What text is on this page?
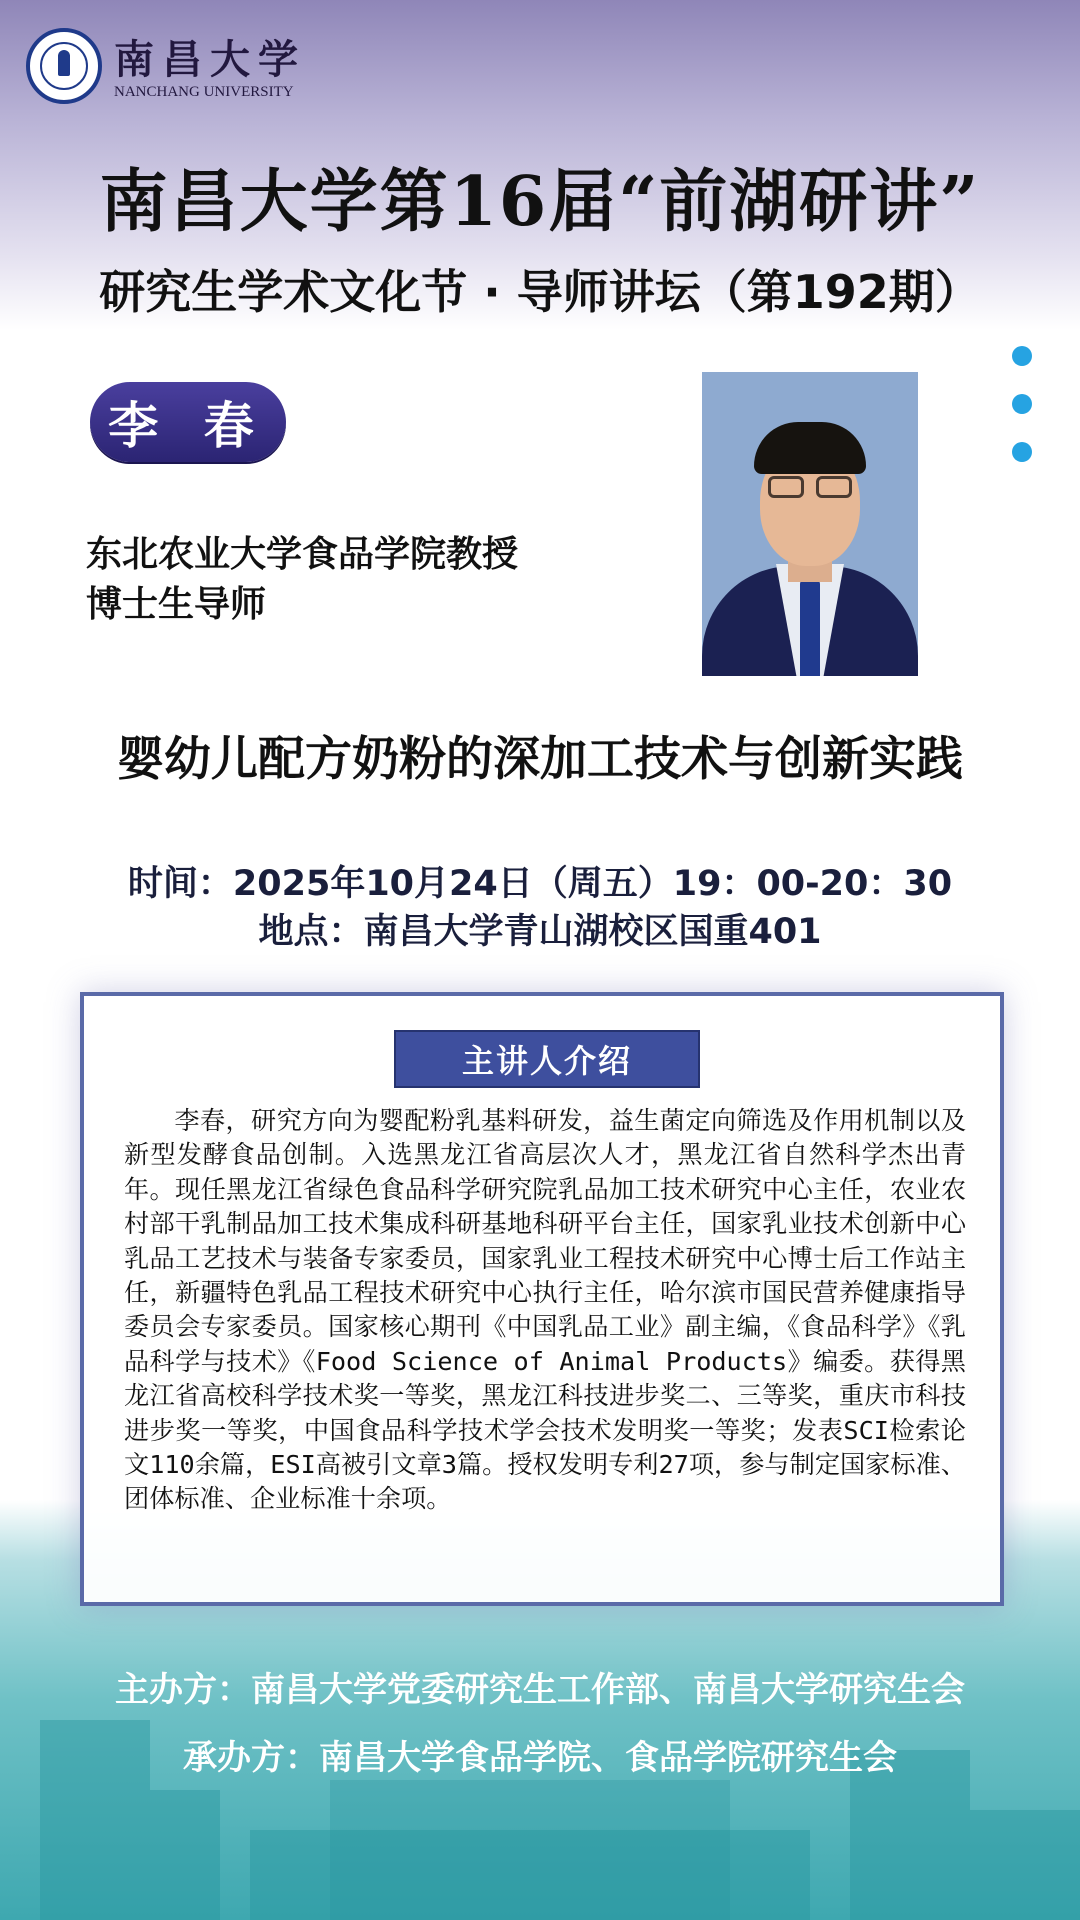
南昌大学
NANCHANG UNIVERSITY
南昌大学第16届“前湖研讲”
研究生学术文化节 · 导师讲坛（第192期）
李 春
东北农业大学食品学院教授
博士生导师
婴幼儿配方奶粉的深加工技术与创新实践
时间：2025年10月24日（周五）19：00-20：30
地点：南昌大学青山湖校区国重401
主讲人介绍

李春，研究方向为婴配粉乳基料研发，益生菌定向筛选及作用机制以及新型发酵食品创制。入选黑龙江省高层次人才，黑龙江省自然科学杰出青年。现任黑龙江省绿色食品科学研究院乳品加工技术研究中心主任，农业农村部干乳制品加工技术集成科研基地科研平台主任，国家乳业技术创新中心乳品工艺技术与装备专家委员，国家乳业工程技术研究中心博士后工作站主任，新疆特色乳品工程技术研究中心执行主任，哈尔滨市国民营养健康指导委员会专家委员。国家核心期刊《中国乳品工业》副主编，《食品科学》《乳品科学与技术》《Food Science of Animal Products》编委。获得黑龙江省高校科学技术奖一等奖，黑龙江科技进步奖二、三等奖，重庆市科技进步奖一等奖，中国食品科学技术学会技术发明奖一等奖；发表SCI检索论文110余篇，ESI高被引文章3篇。授权发明专利27项，参与制定国家标准、团体标准、企业标准十余项。

主办方：南昌大学党委研究生工作部、南昌大学研究生会
承办方：南昌大学食品学院、食品学院研究生会
